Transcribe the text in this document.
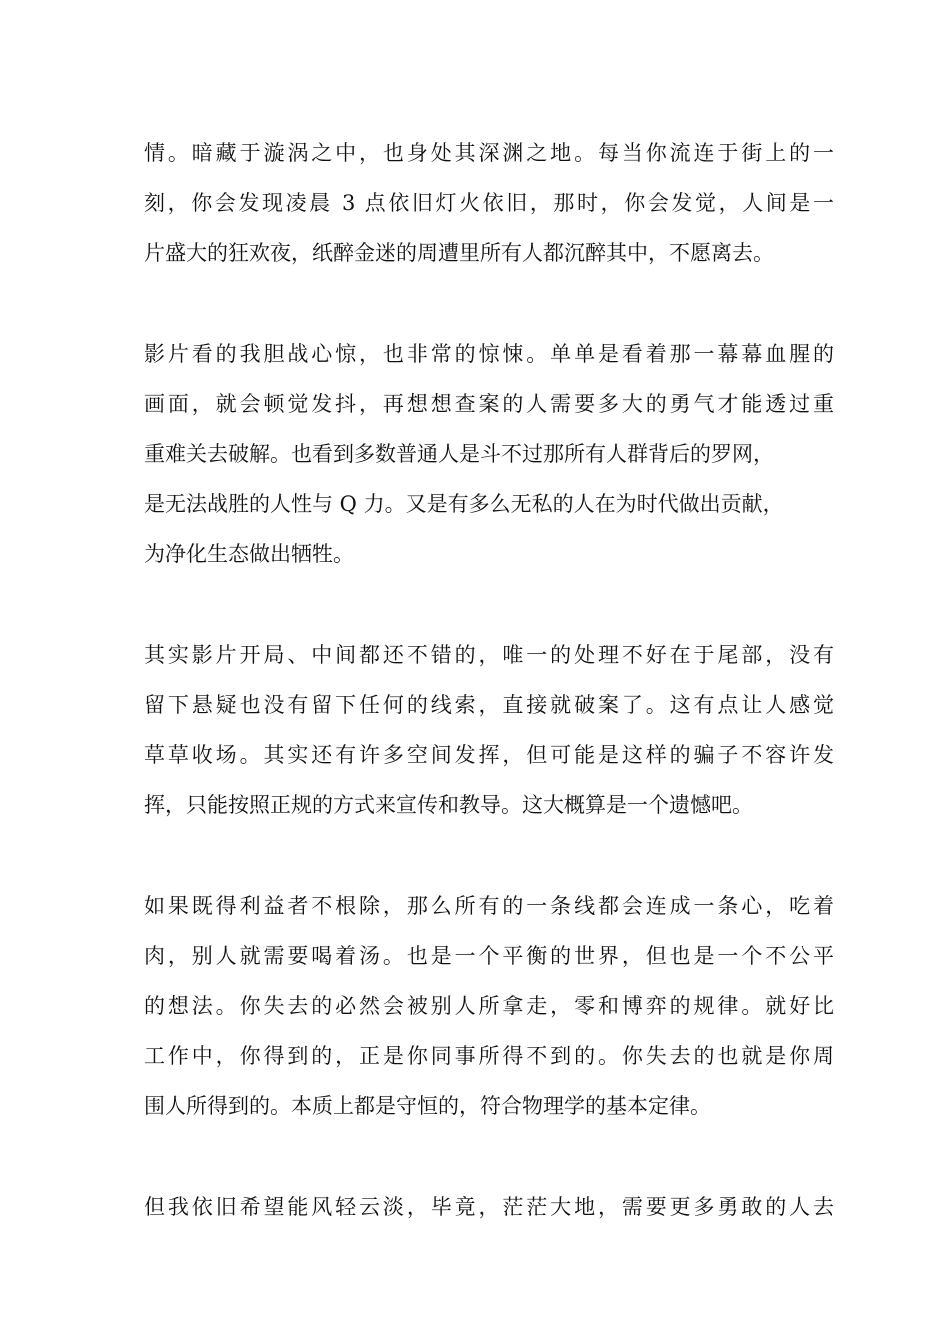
情。暗藏于漩涡之中，也身处其深渊之地。每当你流连于街上的一
刻，你会发现凌晨 3 点依旧灯火依旧，那时，你会发觉，人间是一
片盛大的狂欢夜，纸醉金迷的周遭里所有人都沉醉其中，不愿离去。

影片看的我胆战心惊，也非常的惊悚。单单是看着那一幕幕血腥的
画面，就会顿觉发抖，再想想查案的人需要多大的勇气才能透过重
重难关去破解。也看到多数普通人是斗不过那所有人群背后的罗网，
是无法战胜的人性与 Q 力。又是有多么无私的人在为时代做出贡献，
为净化生态做出牺牲。

其实影片开局、中间都还不错的，唯一的处理不好在于尾部，没有
留下悬疑也没有留下任何的线索，直接就破案了。这有点让人感觉
草草收场。其实还有许多空间发挥，但可能是这样的骗子不容许发
挥，只能按照正规的方式来宣传和教导。这大概算是一个遗憾吧。

如果既得利益者不根除，那么所有的一条线都会连成一条心，吃着
肉，别人就需要喝着汤。也是一个平衡的世界，但也是一个不公平
的想法。你失去的必然会被别人所拿走，零和博弈的规律。就好比
工作中，你得到的，正是你同事所得不到的。你失去的也就是你周
围人所得到的。本质上都是守恒的，符合物理学的基本定律。

但我依旧希望能风轻云淡，毕竟，茫茫大地，需要更多勇敢的人去
